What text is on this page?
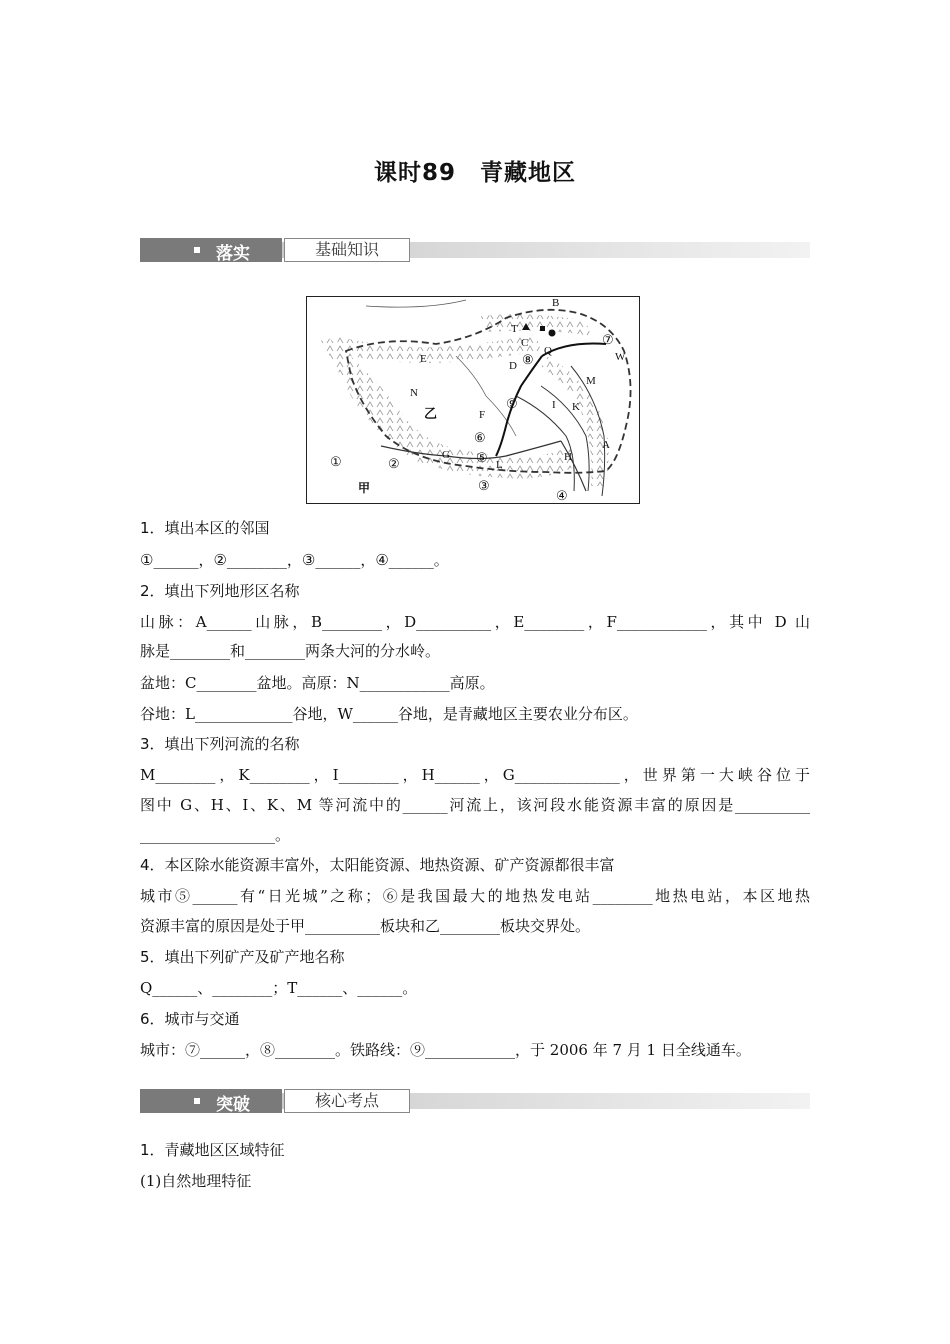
课时89　青藏地区
落实	基础知识
B
T
C
E
D
Q	W
M
N
F
I K
A
H
G
L
乙
甲
①	②
③
④
⑤
⑥
⑦
⑧
⑨
1．填出本区的邻国
①______，②________，③______，④______。
2．填出下列地形区名称
山脉：A______山脉，B________，D__________，E________，F____________，其中 D 山
脉是________和________两条大河的分水岭。
盆地：C________盆地。高原：N____________高原。
谷地：L_____________谷地，W______谷地，是青藏地区主要农业分布区。
3．填出下列河流的名称
M________，K________，I________，H______，G______________，世界第一大峡谷位于
图中 G、H、I、K、M 等河流中的______河流上，该河段水能资源丰富的原因是__________
__________________。
4．本区除水能资源丰富外，太阳能资源、地热资源、矿产资源都很丰富
城市⑤______有“日光城”之称；⑥是我国最大的地热发电站________地热电站，本区地热
资源丰富的原因是处于甲__________板块和乙________板块交界处。
5．填出下列矿产及矿产地名称
Q______、________；T______、______。
6．城市与交通
城市：⑦______，⑧________。铁路线：⑨____________，于 2006 年 7 月 1 日全线通车。
突破	核心考点
1．青藏地区区域特征
(1)自然地理特征
